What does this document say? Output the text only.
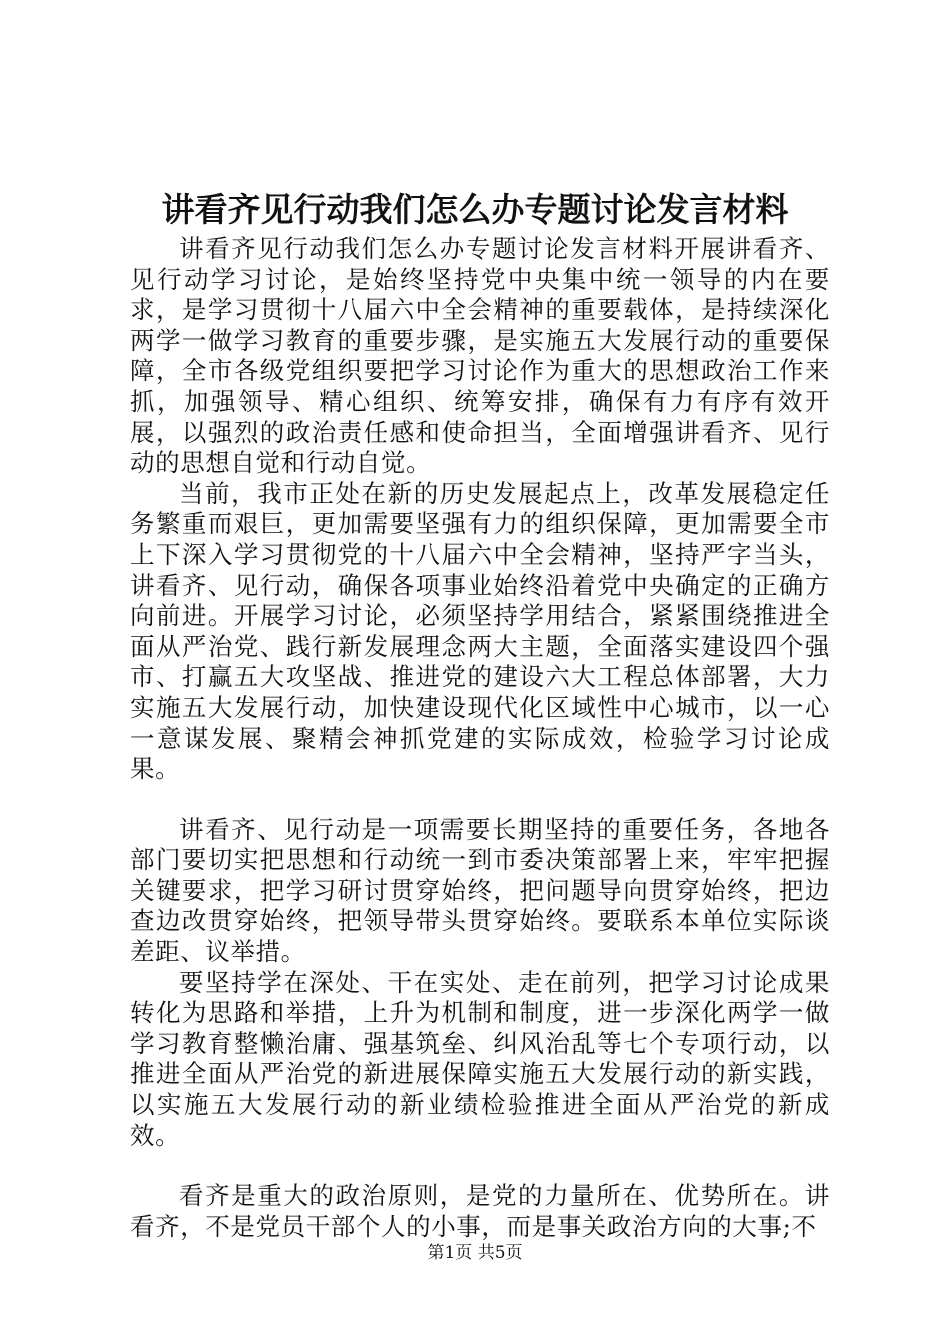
讲看齐见行动我们怎么办专题讨论发言材料

讲看齐见行动我们怎么办专题讨论发言材料开展讲看齐、见行动学习讨论，是始终坚持党中央集中统一领导的内在要求，是学习贯彻十八届六中全会精神的重要载体，是持续深化两学一做学习教育的重要步骤，是实施五大发展行动的重要保障，全市各级党组织要把学习讨论作为重大的思想政治工作来抓，加强领导、精心组织、统筹安排，确保有力有序有效开展，以强烈的政治责任感和使命担当，全面增强讲看齐、见行动的思想自觉和行动自觉。

当前，我市正处在新的历史发展起点上，改革发展稳定任务繁重而艰巨，更加需要坚强有力的组织保障，更加需要全市上下深入学习贯彻党的十八届六中全会精神，坚持严字当头，讲看齐、见行动，确保各项事业始终沿着党中央确定的正确方向前进。开展学习讨论，必须坚持学用结合，紧紧围绕推进全面从严治党、践行新发展理念两大主题，全面落实建设四个强市、打赢五大攻坚战、推进党的建设六大工程总体部署，大力实施五大发展行动，加快建设现代化区域性中心城市，以一心一意谋发展、聚精会神抓党建的实际成效，检验学习讨论成果。

讲看齐、见行动是一项需要长期坚持的重要任务，各地各部门要切实把思想和行动统一到市委决策部署上来，牢牢把握关键要求，把学习研讨贯穿始终，把问题导向贯穿始终，把边查边改贯穿始终，把领导带头贯穿始终。要联系本单位实际谈差距、议举措。

要坚持学在深处、干在实处、走在前列，把学习讨论成果转化为思路和举措，上升为机制和制度，进一步深化两学一做学习教育整懒治庸、强基筑垒、纠风治乱等七个专项行动，以推进全面从严治党的新进展保障实施五大发展行动的新实践，以实施五大发展行动的新业绩检验推进全面从严治党的新成效。

看齐是重大的政治原则，是党的力量所在、优势所在。讲看齐，不是党员干部个人的小事，而是事关政治方向的大事;不

第1页 共5页
